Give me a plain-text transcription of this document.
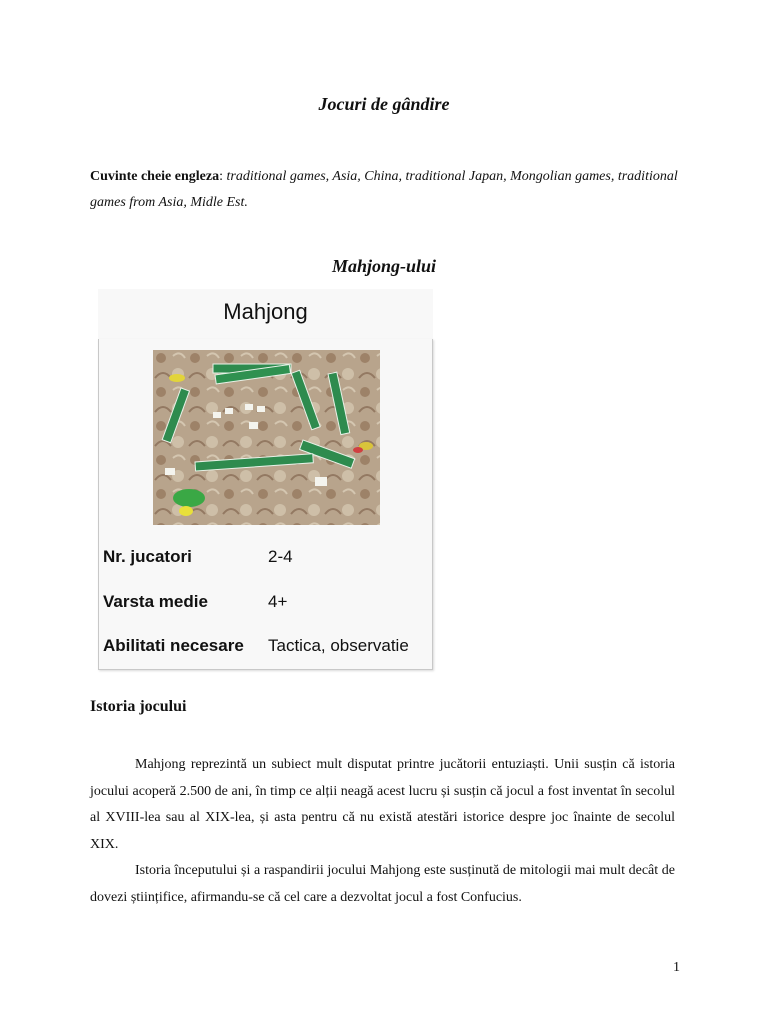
Jocuri de gândire
Cuvinte cheie engleza: traditional games, Asia, China, traditional Japan, Mongolian games, traditional games from Asia, Midle Est.
Mahjong-ului
Mahjong
Nr. jucatori	2-4
Varsta medie	4+
Abilitati necesare Tactica, observatie
Istoria jocului

Mahjong reprezintă un subiect mult disputat printre jucătorii entuziaști. Unii susțin că istoria jocului acoperă 2.500 de ani, în timp ce alții neagă acest lucru și susțin că jocul a fost inventat în secolul al XVIII-lea sau al XIX-lea, și asta pentru că nu există atestări istorice despre joc înainte de secolul XIX.

Istoria începutului și a raspandirii jocului Mahjong este susținută de mitologii mai mult decât de dovezi științifice, afirmandu-se că cel care a dezvoltat jocul a fost Confucius.

1
